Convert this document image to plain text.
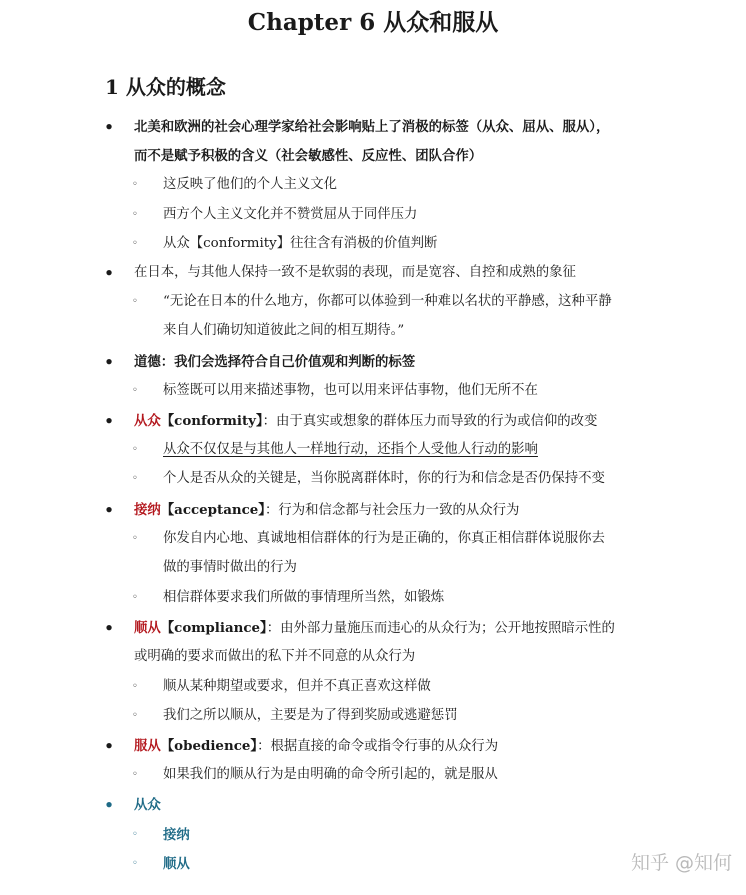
Chapter 6 从众和服从
1 从众的概念
• 北美和欧洲的社会心理学家给社会影响贴上了消极的标签（从众、屈从、服从），
而不是赋予积极的含义（社会敏感性、反应性、团队合作）
◦ 这反映了他们的个人主义文化
◦ 西方个人主义文化并不赞赏屈从于同伴压力
◦ 从众【conformity】往往含有消极的价值判断
• 在日本，与其他人保持一致不是软弱的表现，而是宽容、自控和成熟的象征
◦ “无论在日本的什么地方，你都可以体验到一种难以名状的平静感，这种平静
来自人们确切知道彼此之间的相互期待。”
• 道德：我们会选择符合自己价值观和判断的标签
◦ 标签既可以用来描述事物，也可以用来评估事物，他们无所不在
• 从众【conformity】：由于真实或想象的群体压力而导致的行为或信仰的改变
◦ 从众不仅仅是与其他人一样地行动，还指个人受他人行动的影响
◦ 个人是否从众的关键是，当你脱离群体时，你的行为和信念是否仍保持不变
• 接纳【acceptance】：行为和信念都与社会压力一致的从众行为
◦ 你发自内心地、真诚地相信群体的行为是正确的，你真正相信群体说服你去
做的事情时做出的行为
◦ 相信群体要求我们所做的事情理所当然，如锻炼
• 顺从【compliance】：由外部力量施压而违心的从众行为；公开地按照暗示性的
或明确的要求而做出的私下并不同意的从众行为
◦ 顺从某种期望或要求，但并不真正喜欢这样做
◦ 我们之所以顺从，主要是为了得到奖励或逃避惩罚
• 服从【obedience】：根据直接的命令或指令行事的从众行为
◦ 如果我们的顺从行为是由明确的命令所引起的，就是服从
• 从众
◦ 接纳
◦ 顺从	知乎 @知何
